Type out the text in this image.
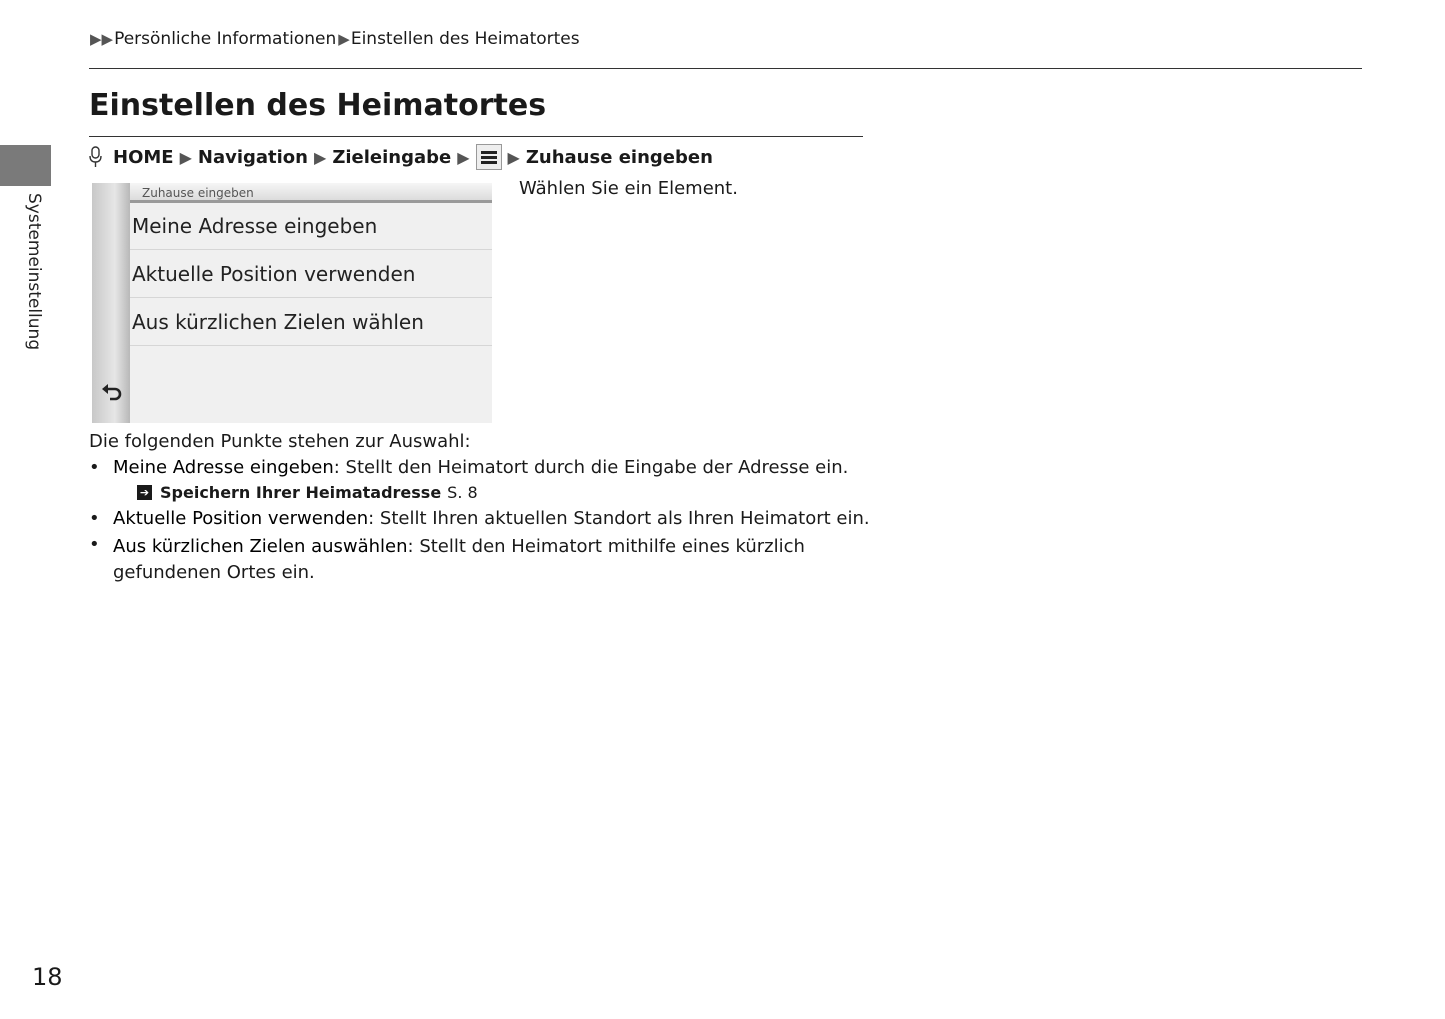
▶▶ Persönliche Informationen ▶ Einstellen des Heimatortes
Systemeinstellung
Einstellen des Heimatortes
HOME ▶ Navigation ▶ Zieleingabe ▶ ▶ Zuhause eingeben
Zuhause eingeben
Meine Adresse eingeben
Aktuelle Position verwenden
Aus kürzlichen Zielen wählen
Wählen Sie ein Element.
Die folgenden Punkte stehen zur Auswahl:
• Meine Adresse eingeben: Stellt den Heimatort durch die Eingabe der Adresse ein.
➔ Speichern Ihrer Heimatadresse S. 8
• Aktuelle Position verwenden: Stellt Ihren aktuellen Standort als Ihren Heimatort ein.
• Aus kürzlichen Zielen auswählen: Stellt den Heimatort mithilfe eines kürzlich
gefundenen Ortes ein.
18
